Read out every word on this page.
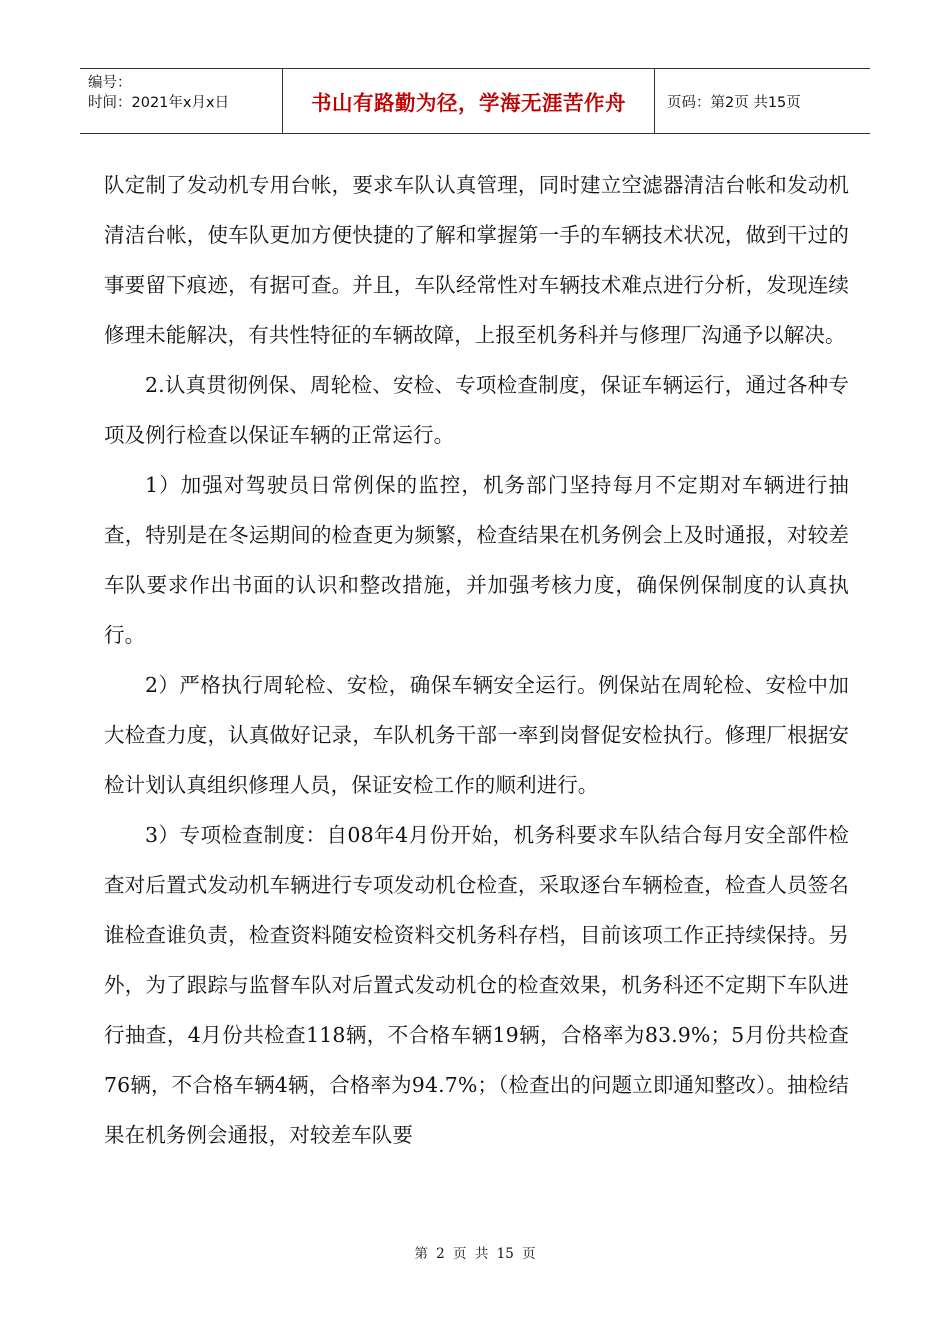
编号：
时间：2021年x月x日	书山有路勤为径，学海无涯苦作舟	页码：第2页 共15页

队定制了发动机专用台帐，要求车队认真管理，同时建立空滤器清洁台帐和发动机清洁台帐，使车队更加方便快捷的了解和掌握第一手的车辆技术状况，做到干过的事要留下痕迹，有据可查。并且，车队经常性对车辆技术难点进行分析，发现连续修理未能解决，有共性特征的车辆故障，上报至机务科并与修理厂沟通予以解决。

2.认真贯彻例保、周轮检、安检、专项检查制度，保证车辆运行，通过各种专项及例行检查以保证车辆的正常运行。

1）加强对驾驶员日常例保的监控，机务部门坚持每月不定期对车辆进行抽查，特别是在冬运期间的检查更为频繁，检查结果在机务例会上及时通报，对较差车队要求作出书面的认识和整改措施，并加强考核力度，确保例保制度的认真执行。

2）严格执行周轮检、安检，确保车辆安全运行。例保站在周轮检、安检中加大检查力度，认真做好记录，车队机务干部一率到岗督促安检执行。修理厂根据安检计划认真组织修理人员，保证安检工作的顺利进行。

3）专项检查制度：自08年4月份开始，机务科要求车队结合每月安全部件检查对后置式发动机车辆进行专项发动机仓检查，采取逐台车辆检查，检查人员签名谁检查谁负责，检查资料随安检资料交机务科存档，目前该项工作正持续保持。另外，为了跟踪与监督车队对后置式发动机仓的检查效果，机务科还不定期下车队进行抽查，4月份共检查118辆，不合格车辆19辆，合格率为83.9%；5月份共检查76辆，不合格车辆4辆，合格率为94.7%；（检查出的问题立即通知整改）。抽检结果在机务例会通报，对较差车队要

第 2 页 共 15 页
